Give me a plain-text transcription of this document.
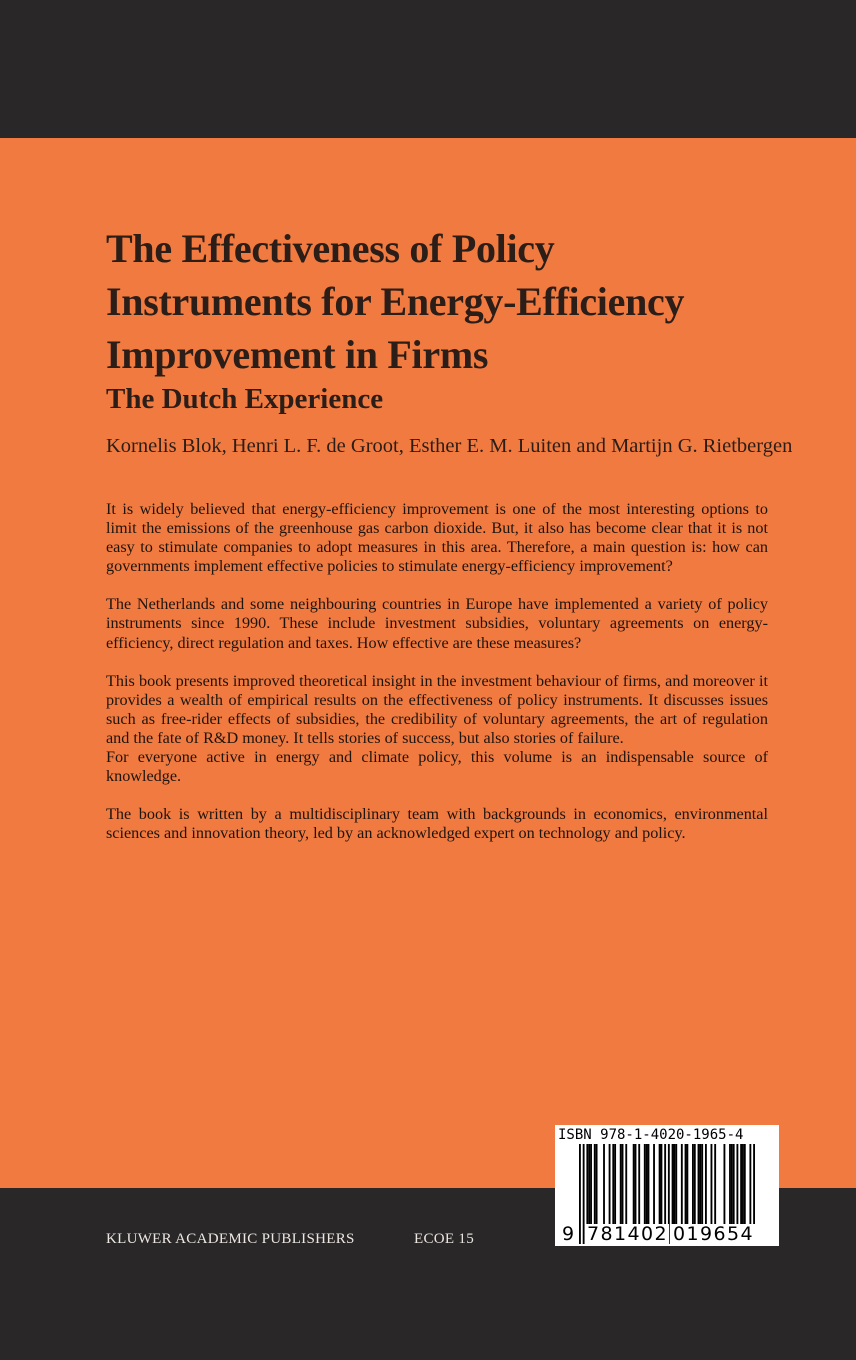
The Effectiveness of Policy
Instruments for Energy-Efficiency
Improvement in Firms
The Dutch Experience

Kornelis Blok, Henri L. F. de Groot, Esther E. M. Luiten and Martijn G. Rietbergen

It is widely believed that energy-efficiency improvement is one of the most interesting options to limit the emissions of the greenhouse gas carbon dioxide. But, it also has become clear that it is not easy to stimulate companies to adopt measures in this area. Therefore, a main question is: how can governments implement effective policies to stimulate energy-efficiency improvement?

The Netherlands and some neighbouring countries in Europe have implemented a variety of policy instruments since 1990. These include investment subsidies, voluntary agreements on energy-efficiency, direct regulation and taxes. How effective are these measures?

This book presents improved theoretical insight in the investment behaviour of firms, and moreover it provides a wealth of empirical results on the effectiveness of policy instruments. It discusses issues such as free-rider effects of subsidies, the credibility of voluntary agreements, the art of regulation and the fate of R&D money. It tells stories of success, but also stories of failure.

For everyone active in energy and climate policy, this volume is an indispensable source of knowledge.

The book is written by a multidisciplinary team with backgrounds in economics, environmental sciences and innovation theory, led by an acknowledged expert on technology and policy.

KLUWER ACADEMIC PUBLISHERS	ECOE 15
ISBN 978-1-4020-1965-4
9 781402 019654
